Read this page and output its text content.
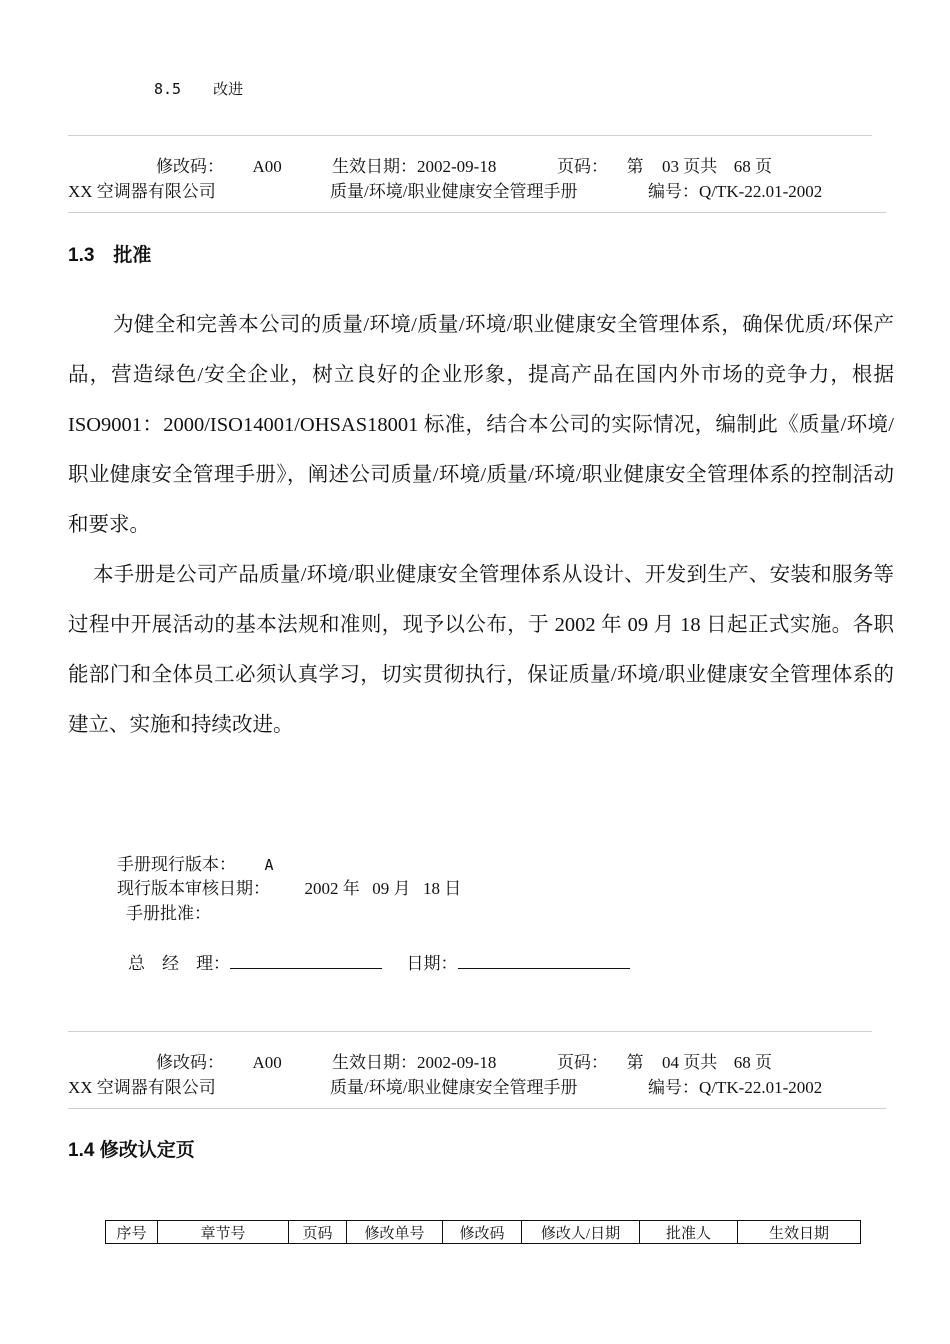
8.5 改进
修改码： A00	生效日期：2002-09-18	页码： 第 03 页共 68 页
XX 空调器有限公司	质量/环境/职业健康安全管理手册	编号：Q/TK-22.01-2002
1.3　批准

为健全和完善本公司的质量/环境/质量/环境/职业健康安全管理体系，确保优质/环保产品，营造绿色/安全企业，树立良好的企业形象，提高产品在国内外市场的竞争力，根据 ISO9001：2000/ISO14001/OHSAS18001 标准，结合本公司的实际情况，编制此《质量/环境/职业健康安全管理手册》，阐述公司质量/环境/质量/环境/职业健康安全管理体系的控制活动和要求。

本手册是公司产品质量/环境/职业健康安全管理体系从设计、开发到生产、安装和服务等过程中开展活动的基本法规和准则，现予以公布，于 2002 年 09 月 18 日起正式实施。各职能部门和全体员工必须认真学习，切实贯彻执行，保证质量/环境/职业健康安全管理体系的建立、实施和持续改进。

手册现行版本： A
现行版本审核日期： 2002 年 09 月 18 日
手册批准：
总　经　理：	日期：
修改码： A00	生效日期：2002-09-18	页码： 第 04 页共 68 页
XX 空调器有限公司	质量/环境/职业健康安全管理手册	编号：Q/TK-22.01-2002
1.4 修改认定页
序号	章节号	页码	修改单号	修改码	修改人/日期	批准人	生效日期
